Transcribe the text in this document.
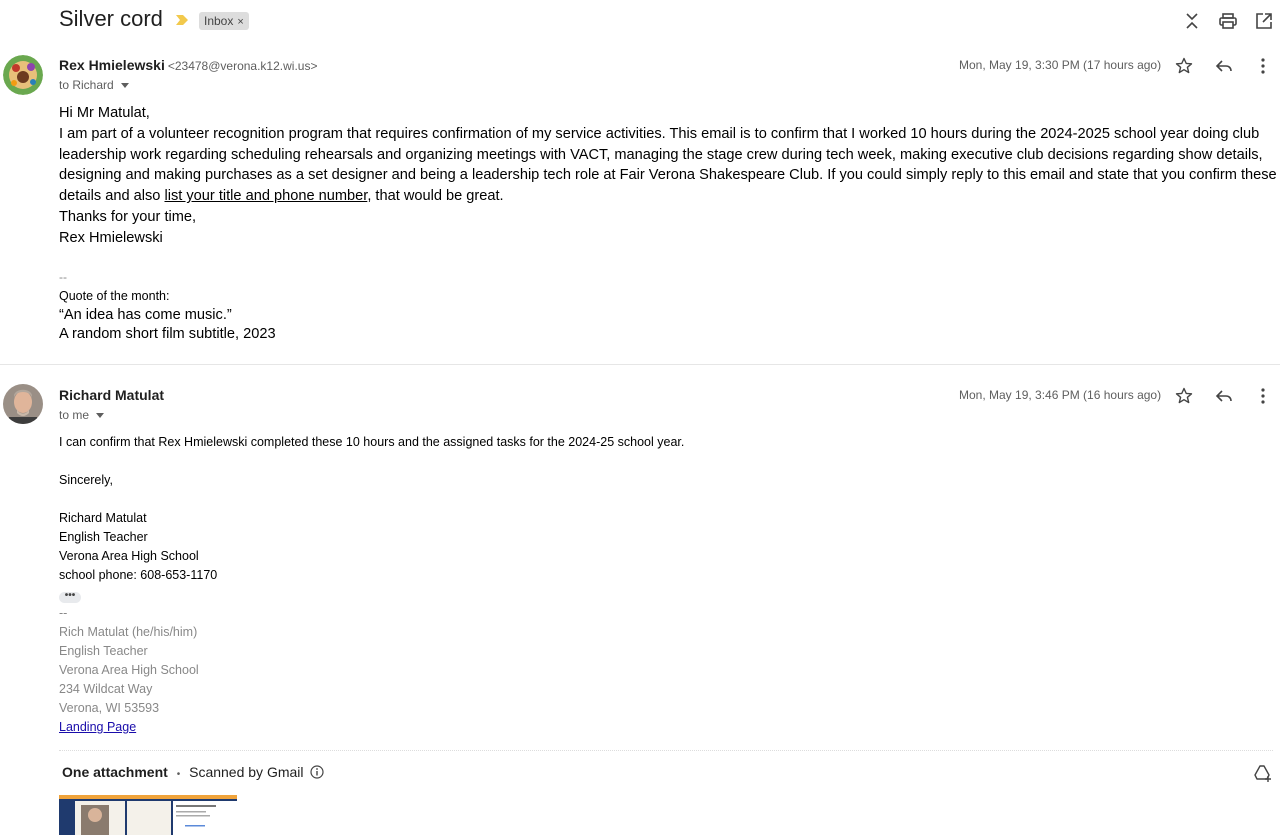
Silver cord	Inbox ×
Rex Hmielewski <23478@verona.k12.wi.us>
to Richard
Mon, May 19, 3:30 PM (17 hours ago)

Hi Mr Matulat,

I am part of a volunteer recognition program that requires confirmation of my service activities. This email is to confirm that I worked 10 hours during the 2024-2025 school year doing club leadership work regarding scheduling rehearsals and organizing meetings with VACT, managing the stage crew during tech week, making executive club decisions regarding show details, designing and making purchases as a set designer and being a leadership tech role at Fair Verona Shakespeare Club. If you could simply reply to this email and state that you confirm these details and also list your title and phone number, that would be great.

Thanks for your time,

Rex Hmielewski

--
Quote of the month:
“An idea has come music.”
A random short film subtitle, 2023
Richard Matulat
to me
Mon, May 19, 3:46 PM (16 hours ago)

I can confirm that Rex Hmielewski completed these 10 hours and the assigned tasks for the 2024-25 school year.

Sincerely,

Richard Matulat

English Teacher

Verona Area High School

school phone: 608-653-1170

•••

--

Rich Matulat (he/his/him)

English Teacher

Verona Area High School

234 Wildcat Way

Verona, WI 53593

Landing Page

One attachment • Scanned by Gmail
